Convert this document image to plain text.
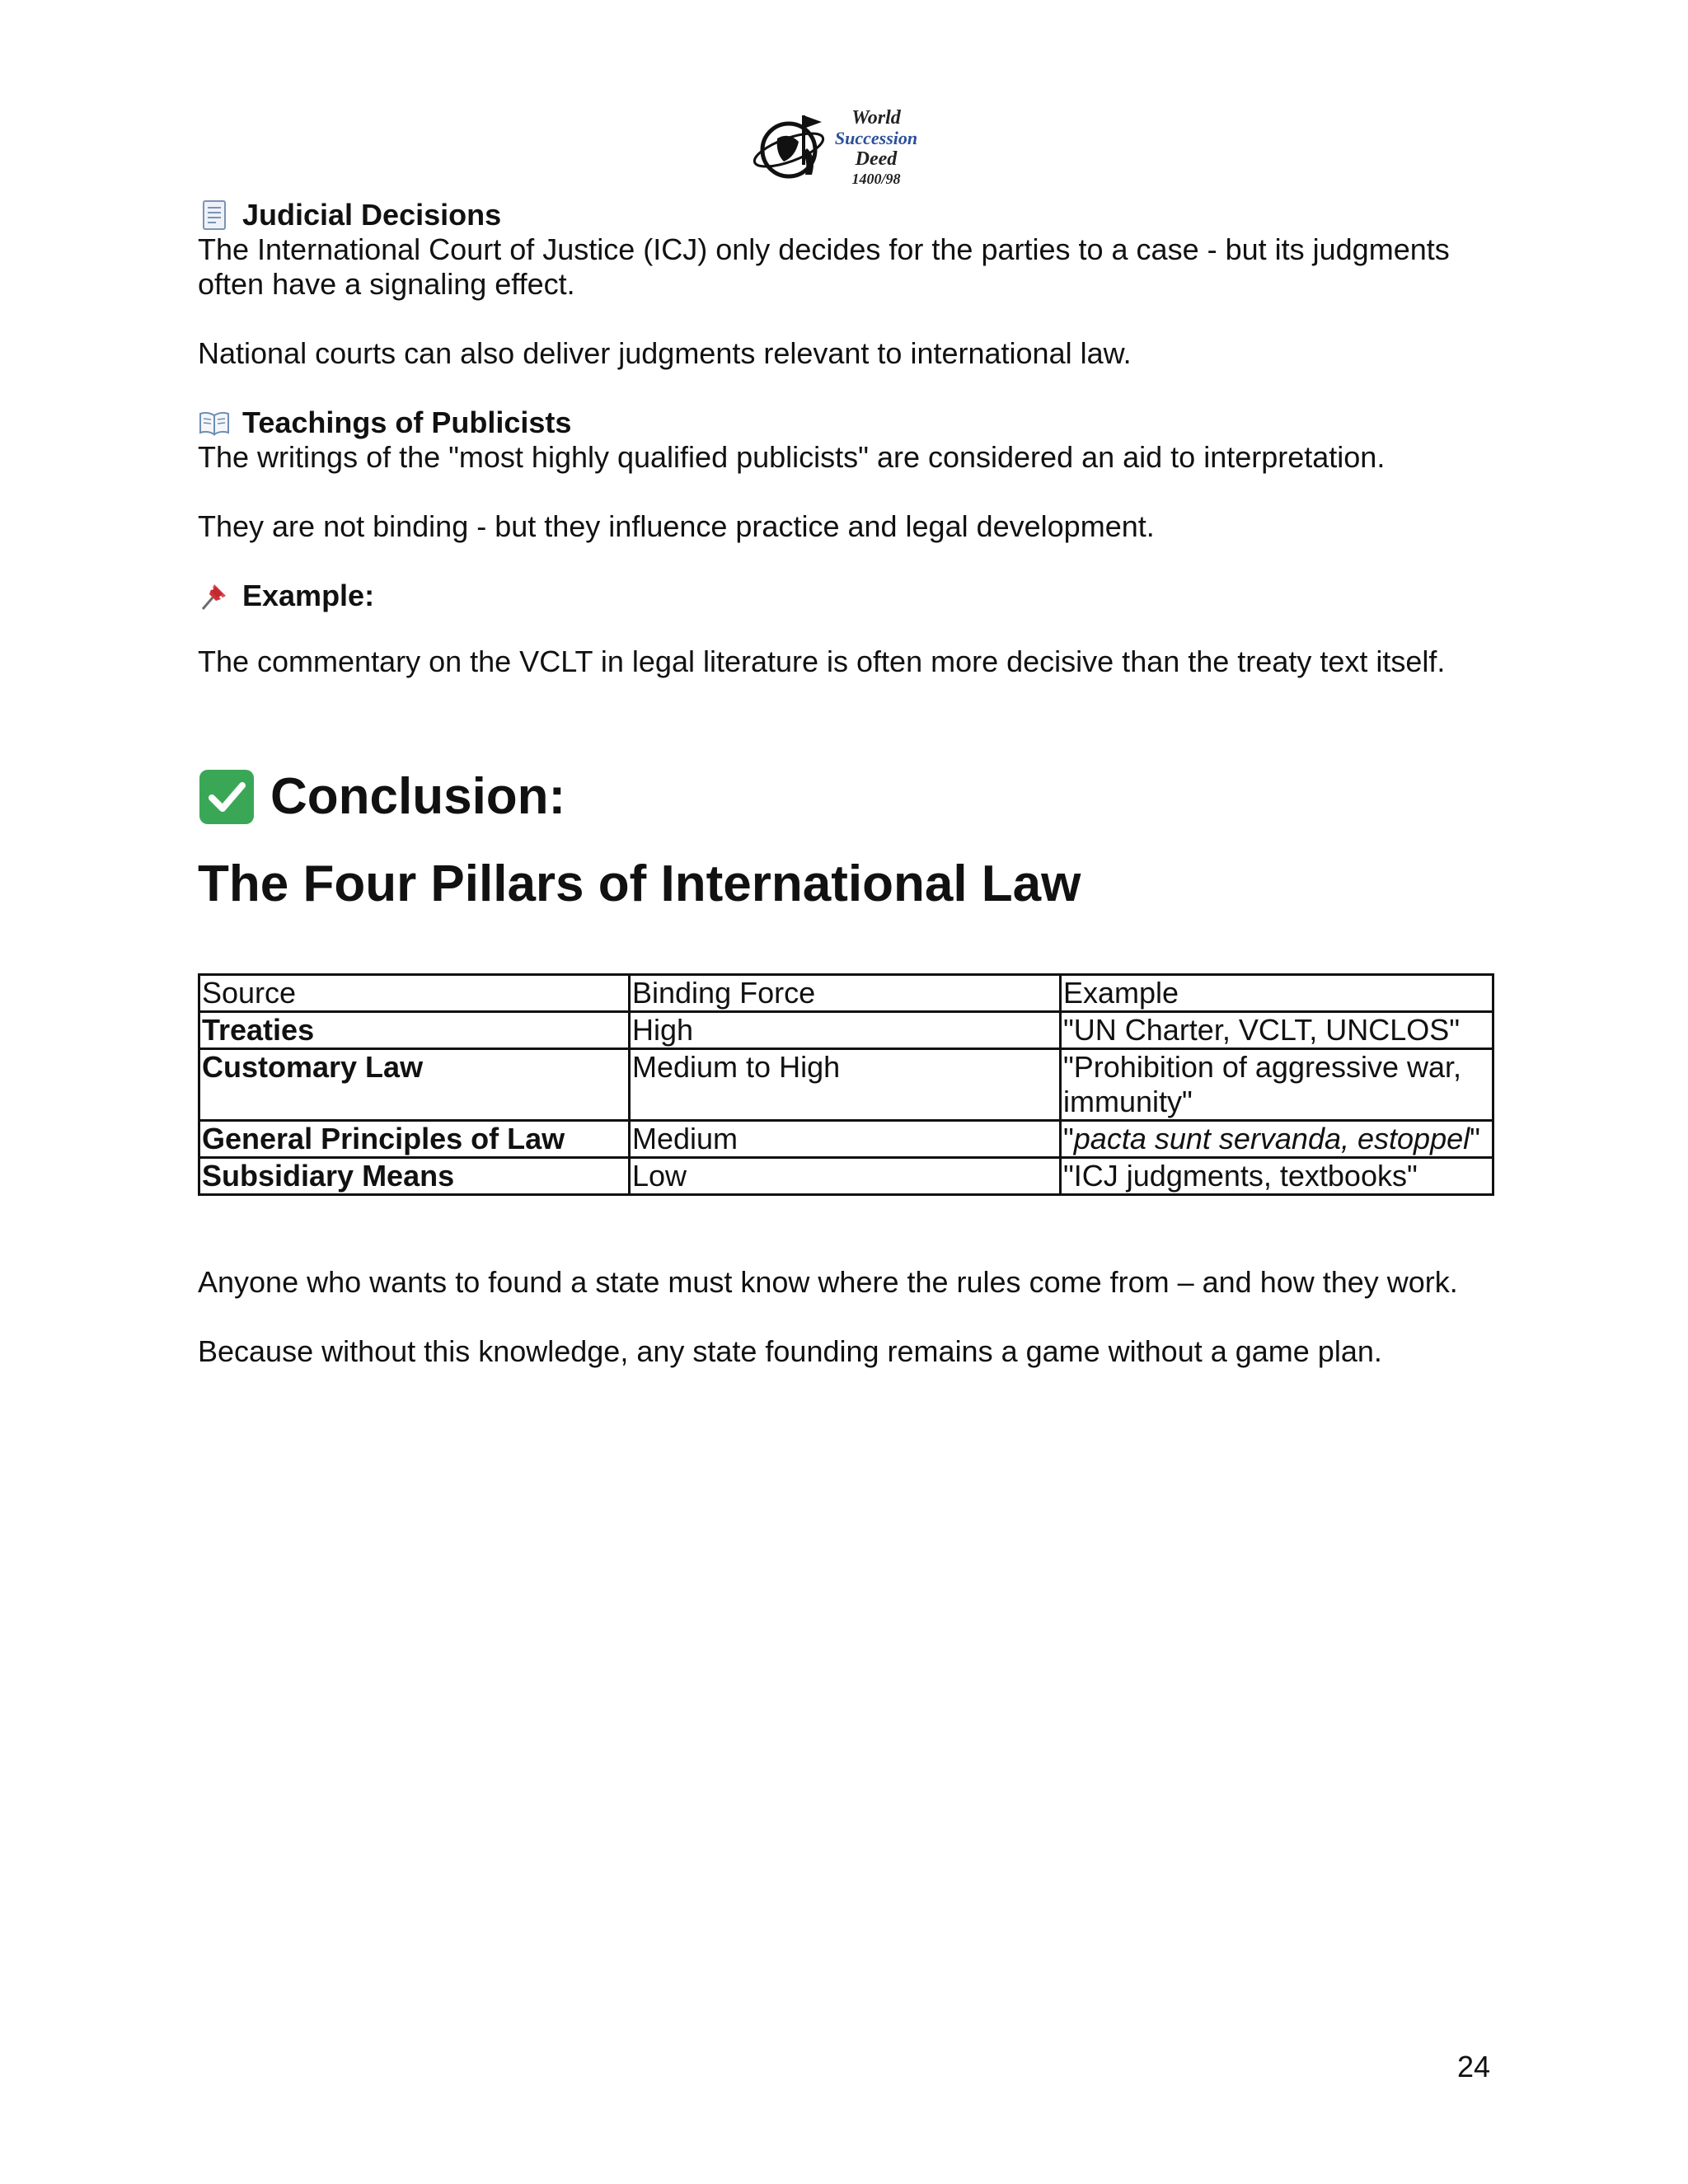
World
Succession
Deed
1400/98
Judicial Decisions

The International Court of Justice (ICJ) only decides for the parties to a case - but its judgments often have a signaling effect.

National courts can also deliver judgments relevant to international law.

Teachings of Publicists

The writings of the "most highly qualified publicists" are considered an aid to interpretation.

They are not binding - but they influence practice and legal development.

Example:

The commentary on the VCLT in legal literature is often more decisive than the treaty text itself.

Conclusion:
The Four Pillars of International Law
Source	Binding Force	Example
Treaties	High	"UN Charter, VCLT, UNCLOS"
Customary Law	Medium to High	"Prohibition of aggressive war, immunity"
General Principles of Law	Medium	"pacta sunt servanda, estoppel"
Subsidiary Means	Low	"ICJ judgments, textbooks"

Anyone who wants to found a state must know where the rules come from – and how they work.

Because without this knowledge, any state founding remains a game without a game plan.

24
